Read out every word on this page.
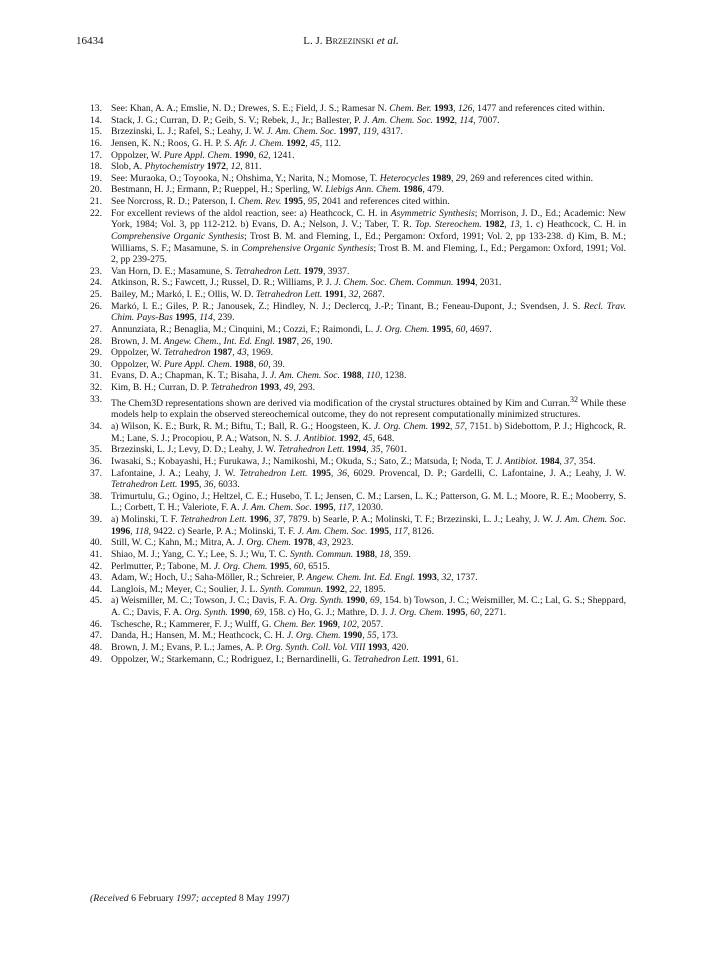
16434	L. J. Brzezinski et al.
13. See: Khan, A. A.; Emslie, N. D.; Drewes, S. E.; Field, J. S.; Ramesar N. Chem. Ber. 1993, 126, 1477 and references cited within.
14. Stack, J. G.; Curran, D. P.; Geib, S. V.; Rebek, J., Jr.; Ballester, P. J. Am. Chem. Soc. 1992, 114, 7007.
15. Brzezinski, L. J.; Rafel, S.; Leahy, J. W. J. Am. Chem. Soc. 1997, 119, 4317.
16. Jensen, K. N.; Roos, G. H. P. S. Afr. J. Chem. 1992, 45, 112.
17. Oppolzer, W. Pure Appl. Chem. 1990, 62, 1241.
18. Slob, A. Phytochemistry 1972, 12, 811.
19. See: Muraoka, O.; Toyooka, N.; Ohshima, Y.; Narita, N.; Momose, T. Heterocycles 1989, 29, 269 and references cited within.
20. Bestmann, H. J.; Ermann, P.; Rueppel, H.; Sperling, W. Liebigs Ann. Chem. 1986, 479.
21. See Norcross, R. D.; Paterson, I. Chem. Rev. 1995, 95, 2041 and references cited within.
22. For excellent reviews of the aldol reaction, see: a) Heathcock, C. H. in Asymmetric Synthesis; Morrison, J. D., Ed.; Academic: New York, 1984; Vol. 3, pp 112-212. b) Evans, D. A.; Nelson, J. V.; Taber, T. R. Top. Stereochem. 1982, 13, 1. c) Heathcock, C. H. in Comprehensive Organic Synthesis; Trost B. M. and Fleming, I., Ed.; Pergamon: Oxford, 1991; Vol. 2, pp 133-238. d) Kim, B. M.; Williams, S. F.; Masamune, S. in Comprehensive Organic Synthesis; Trost B. M. and Fleming, I., Ed.; Pergamon: Oxford, 1991; Vol. 2, pp 239-275.
23. Van Horn, D. E.; Masamune, S. Tetrahedron Lett. 1979, 3937.
24. Atkinson, R. S.; Fawcett, J.; Russel, D. R.; Williams, P. J. J. Chem. Soc. Chem. Commun. 1994, 2031.
25. Bailey, M.; Markó, I. E.; Ollis, W. D. Tetrahedron Lett. 1991, 32, 2687.
26. Markó, I. E.; Giles, P. R.; Janousek, Z.; Hindley, N. J.; Declercq, J.-P.; Tinant, B.; Feneau-Dupont, J.; Svendsen, J. S. Recl. Trav. Chim. Pays-Bas 1995, 114, 239.
27. Annunziata, R.; Benaglia, M.; Cinquini, M.; Cozzi, F.; Raimondi, L. J. Org. Chem. 1995, 60, 4697.
28. Brown, J. M. Angew. Chem., Int. Ed. Engl. 1987, 26, 190.
29. Oppolzer, W. Tetrahedron 1987, 43, 1969.
30. Oppolzer, W. Pure Appl. Chem. 1988, 60, 39.
31. Evans, D. A.; Chapman, K. T.; Bisaha, J. J. Am. Chem. Soc. 1988, 110, 1238.
32. Kim, B. H.; Curran, D. P. Tetrahedron 1993, 49, 293.
33. The Chem3D representations shown are derived via modification of the crystal structures obtained by Kim and Curran.$^{32}$ While these models help to explain the observed stereochemical outcome, they do not represent computationally minimized structures.
34. a) Wilson, K. E.; Burk, R. M.; Biftu, T.; Ball, R. G.; Hoogsteen, K. J. Org. Chem. 1992, 57, 7151. b) Sidebottom, P. J.; Highcock, R. M.; Lane, S. J.; Procopiou, P. A.; Watson, N. S. J. Antibiot. 1992, 45, 648.
35. Brzezinski, L. J.; Levy, D. D.; Leahy, J. W. Tetrahedron Lett. 1994, 35, 7601.
36. Iwasaki, S.; Kobayashi, H.; Furukawa, J.; Namikoshi, M.; Okuda, S.; Sato, Z.; Matsuda, I; Noda, T. J. Antibiot. 1984, 37, 354.
37. Lafontaine, J. A.; Leahy, J. W. Tetrahedron Lett. 1995, 36, 6029. Provencal, D. P.; Gardelli, C. Lafontaine, J. A.; Leahy, J. W. Tetrahedron Lett. 1995, 36, 6033.
38. Trimurtulu, G.; Ogino, J.; Heltzel, C. E.; Husebo, T. L; Jensen, C. M.; Larsen, L. K.; Patterson, G. M. L.; Moore, R. E.; Mooberry, S. L.; Corbett, T. H.; Valeriote, F. A. J. Am. Chem. Soc. 1995, 117, 12030.
39. a) Molinski, T. F. Tetrahedron Lett. 1996, 37, 7879. b) Searle, P. A.; Molinski, T. F.; Brzezinski, L. J.; Leahy, J. W. J. Am. Chem. Soc. 1996, 118, 9422. c) Searle, P. A.; Molinski, T. F. J. Am. Chem. Soc. 1995, 117, 8126.
40. Still, W. C.; Kahn, M.; Mitra, A. J. Org. Chem. 1978, 43, 2923.
41. Shiao, M. J.; Yang, C. Y.; Lee, S. J.; Wu, T. C. Synth. Commun. 1988, 18, 359.
42. Perlmutter, P.; Tabone, M. J. Org. Chem. 1995, 60, 6515.
43. Adam, W.; Hoch, U.; Saha-Möller, R.; Schreier, P. Angew. Chem. Int. Ed. Engl. 1993, 32, 1737.
44. Langlois, M.; Meyer, C.; Soulier, J. L. Synth. Commun. 1992, 22, 1895.
45. a) Weismiller, M. C.; Towson, J. C.; Davis, F. A. Org. Synth. 1990, 69, 154. b) Towson, J. C.; Weismiller, M. C.; Lal, G. S.; Sheppard, A. C.; Davis, F. A. Org. Synth. 1990, 69, 158. c) Ho, G. J.; Mathre, D. J. J. Org. Chem. 1995, 60, 2271.
46. Tschesche, R.; Kammerer, F. J.; Wulff, G. Chem. Ber. 1969, 102, 2057.
47. Danda, H.; Hansen, M. M.; Heathcock, C. H. J. Org. Chem. 1990, 55, 173.
48. Brown, J. M.; Evans, P. L.; James, A. P. Org. Synth. Coll. Vol. VIII 1993, 420.
49. Oppolzer, W.; Starkemann, C.; Rodriguez, I.; Bernardinelli, G. Tetrahedron Lett. 1991, 61.
(Received 6 February 1997; accepted 8 May 1997)
